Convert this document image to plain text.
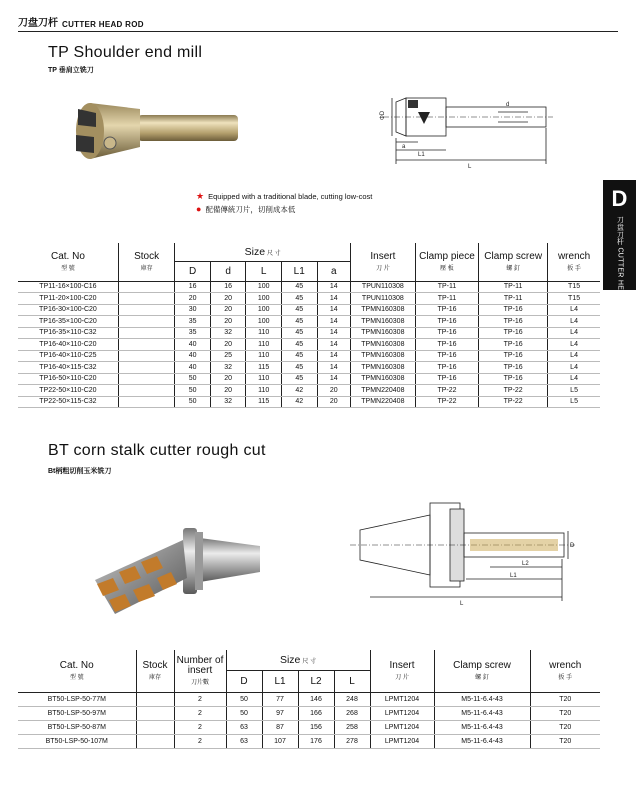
刀盘刀杆 CUTTER HEAD ROD
D
刀盘刀杆 CUTTER HEAD ROD
TP Shoulder end mill
TP 垂肩立铣刀
ΦD
a
L1
L
d
★ Equipped with a traditional blade, cutting low-cost
● 配備傳統刀片，切削成本低
Cat. No
型 號	Stock
庫存	Size 尺 寸					Insert
刀 片	Clamp piece
壓 板	Clamp screw
螺 釘	wrench
扳 手

		D	d	L	L1	a				
TP11-16×100-C16		16	16	100	45	14	TPUN110308	TP-11	TP-11	T15
TP11-20×100-C20		20	20	100	45	14	TPUN110308	TP-11	TP-11	T15
TP16-30×100-C20		30	20	100	45	14	TPMN160308	TP-16	TP-16	L4
TP16-35×100-C20		35	20	100	45	14	TPMN160308	TP-16	TP-16	L4
TP16-35×110-C32		35	32	110	45	14	TPMN160308	TP-16	TP-16	L4
TP16-40×110-C20		40	20	110	45	14	TPMN160308	TP-16	TP-16	L4
TP16-40×110-C25		40	25	110	45	14	TPMN160308	TP-16	TP-16	L4
TP16-40×115-C32		40	32	115	45	14	TPMN160308	TP-16	TP-16	L4
TP16-50×110-C20		50	20	110	45	14	TPMN160308	TP-16	TP-16	L4
TP22-50×110-C20		50	20	110	42	20	TPMN220408	TP-22	TP-22	L5
TP22-50×115-C32		50	32	115	42	20	TPMN220408	TP-22	TP-22	L5
BT corn stalk cutter rough cut
Bt柄粗切削玉米铣刀
D
L2
L1
L
Cat. No
型 號	Stock
庫存	Number of insert
刀片數	Size 尺 寸				Insert
刀 片	Clamp screw
螺 釘	wrench
扳 手

			D	L1	L2	L			
BT50-LSP-50-77M		2	50	77	146	248	LPMT1204	M5-11-6.4-43	T20
BT50-LSP-50-97M		2	50	97	166	268	LPMT1204	M5-11-6.4-43	T20
BT50-LSP-50-87M		2	63	87	156	258	LPMT1204	M5-11-6.4-43	T20
BT50-LSP-50-107M		2	63	107	176	278	LPMT1204	M5-11-6.4-43	T20
